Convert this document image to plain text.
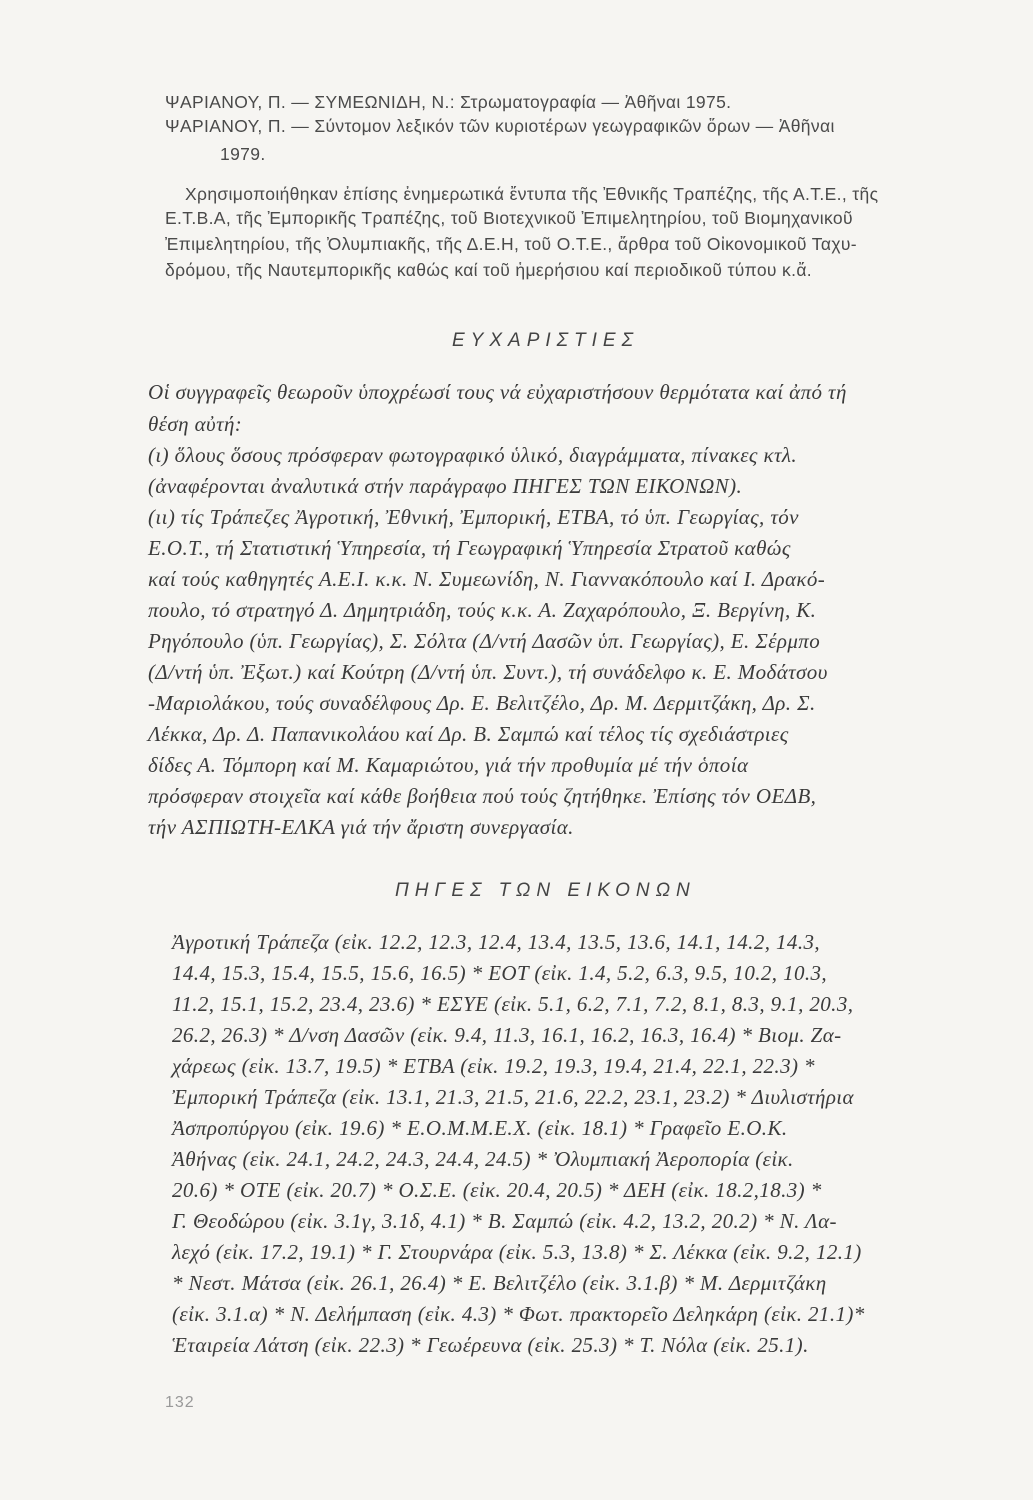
ΨΑΡΙΑΝΟΥ, Π. — ΣΥΜΕΩΝΙΔΗ, Ν.: Στρωματογραφία — Ἀθῆναι 1975.
ΨΑΡΙΑΝΟΥ, Π. — Σύντομον λεξικόν τῶν κυριοτέρων γεωγραφικῶν ὅρων — Ἀθῆναι
1979.
Χρησιμοποιήθηκαν ἐπίσης ἐνημερωτικά ἔντυπα τῆς Ἐθνικῆς Τραπέζης, τῆς Α.Τ.Ε., τῆς
Ε.Τ.Β.Α, τῆς Ἐμπορικῆς Τραπέζης, τοῦ Βιοτεχνικοῦ Ἐπιμελητηρίου, τοῦ Βιομηχανικοῦ
Ἐπιμελητηρίου, τῆς Ὀλυμπιακῆς, τῆς Δ.Ε.Η, τοῦ Ο.Τ.Ε., ἄρθρα τοῦ Οἰκονομικοῦ Ταχυ-
δρόμου, τῆς Ναυτεμπορικῆς καθώς καί τοῦ ἡμερήσιου καί περιοδικοῦ τύπου κ.ἄ.
ΕΥΧΑΡΙΣΤΙΕΣ
Οἱ συγγραφεῖς θεωροῦν ὑποχρέωσί τους νά εὐχαριστήσουν θερμότατα καί ἀπό τή
θέση αὐτή:
(ι) ὅλους ὅσους πρόσφεραν φωτογραφικό ὑλικό, διαγράμματα, πίνακες κτλ.
(ἀναφέρονται ἀναλυτικά στήν παράγραφο ΠΗΓΕΣ ΤΩΝ ΕΙΚΟΝΩΝ).
(ιι) τίς Τράπεζες Ἀγροτική, Ἐθνική, Ἐμπορική, ΕΤΒΑ, τό ὑπ. Γεωργίας, τόν
Ε.Ο.Τ., τή Στατιστική Ὑπηρεσία, τή Γεωγραφική Ὑπηρεσία Στρατοῦ καθώς
καί τούς καθηγητές Α.Ε.Ι. κ.κ. Ν. Συμεωνίδη, Ν. Γιαννακόπουλο καί Ι. Δρακό-
πουλο, τό στρατηγό Δ. Δημητριάδη, τούς κ.κ. Α. Ζαχαρόπουλο, Ξ. Βεργίνη, Κ.
Ρηγόπουλο (ὑπ. Γεωργίας), Σ. Σόλτα (Δ/ντή Δασῶν ὑπ. Γεωργίας), Ε. Σέρμπο
(Δ/ντή ὑπ. Ἐξωτ.) καί Κούτρη (Δ/ντή ὑπ. Συντ.), τή συνάδελφο κ. Ε. Μοδάτσου
-Μαριολάκου, τούς συναδέλφους Δρ. Ε. Βελιτζέλο, Δρ. Μ. Δερμιτζάκη, Δρ. Σ.
Λέκκα, Δρ. Δ. Παπανικολάου καί Δρ. Β. Σαμπώ καί τέλος τίς σχεδιάστριες
δίδες Α. Τόμπορη καί Μ. Καμαριώτου, γιά τήν προθυμία μέ τήν ὁποία
πρόσφεραν στοιχεῖα καί κάθε βοήθεια πού τούς ζητήθηκε. Ἐπίσης τόν ΟΕΔΒ,
τήν ΑΣΠΙΩΤΗ-ΕΛΚΑ γιά τήν ἄριστη συνεργασία.
ΠΗΓΕΣ ΤΩΝ ΕΙΚΟΝΩΝ
Ἀγροτική Τράπεζα (εἰκ. 12.2, 12.3, 12.4, 13.4, 13.5, 13.6, 14.1, 14.2, 14.3,
14.4, 15.3, 15.4, 15.5, 15.6, 16.5) * ΕΟΤ (εἰκ. 1.4, 5.2, 6.3, 9.5, 10.2, 10.3,
11.2, 15.1, 15.2, 23.4, 23.6) * ΕΣΥΕ (εἰκ. 5.1, 6.2, 7.1, 7.2, 8.1, 8.3, 9.1, 20.3,
26.2, 26.3) * Δ/νση Δασῶν (εἰκ. 9.4, 11.3, 16.1, 16.2, 16.3, 16.4) * Βιομ. Ζα-
χάρεως (εἰκ. 13.7, 19.5) * ΕΤΒΑ (εἰκ. 19.2, 19.3, 19.4, 21.4, 22.1, 22.3) *
Ἐμπορική Τράπεζα (εἰκ. 13.1, 21.3, 21.5, 21.6, 22.2, 23.1, 23.2) * Διυλιστήρια
Ἀσπροπύργου (εἰκ. 19.6) * Ε.Ο.Μ.Μ.Ε.Χ. (εἰκ. 18.1) * Γραφεῖο Ε.Ο.Κ.
Ἀθήνας (εἰκ. 24.1, 24.2, 24.3, 24.4, 24.5) * Ὀλυμπιακή Ἀεροπορία (εἰκ.
20.6) * ΟΤΕ (εἰκ. 20.7) * Ο.Σ.Ε. (εἰκ. 20.4, 20.5) * ΔΕΗ (εἰκ. 18.2,18.3) *
Γ. Θεοδώρου (εἰκ. 3.1γ, 3.1δ, 4.1) * Β. Σαμπώ (εἰκ. 4.2, 13.2, 20.2) * Ν. Λα-
λεχό (εἰκ. 17.2, 19.1) * Γ. Στουρνάρα (εἰκ. 5.3, 13.8) * Σ. Λέκκα (εἰκ. 9.2, 12.1)
* Νεστ. Μάτσα (εἰκ. 26.1, 26.4) * Ε. Βελιτζέλο (εἰκ. 3.1.β) * Μ. Δερμιτζάκη
(εἰκ. 3.1.α) * Ν. Δελήμπαση (εἰκ. 4.3) * Φωτ. πρακτορεῖο Δεληκάρη (εἰκ. 21.1)*
Ἑταιρεία Λάτση (εἰκ. 22.3) * Γεωέρευνα (εἰκ. 25.3) * Τ. Νόλα (εἰκ. 25.1).
132
